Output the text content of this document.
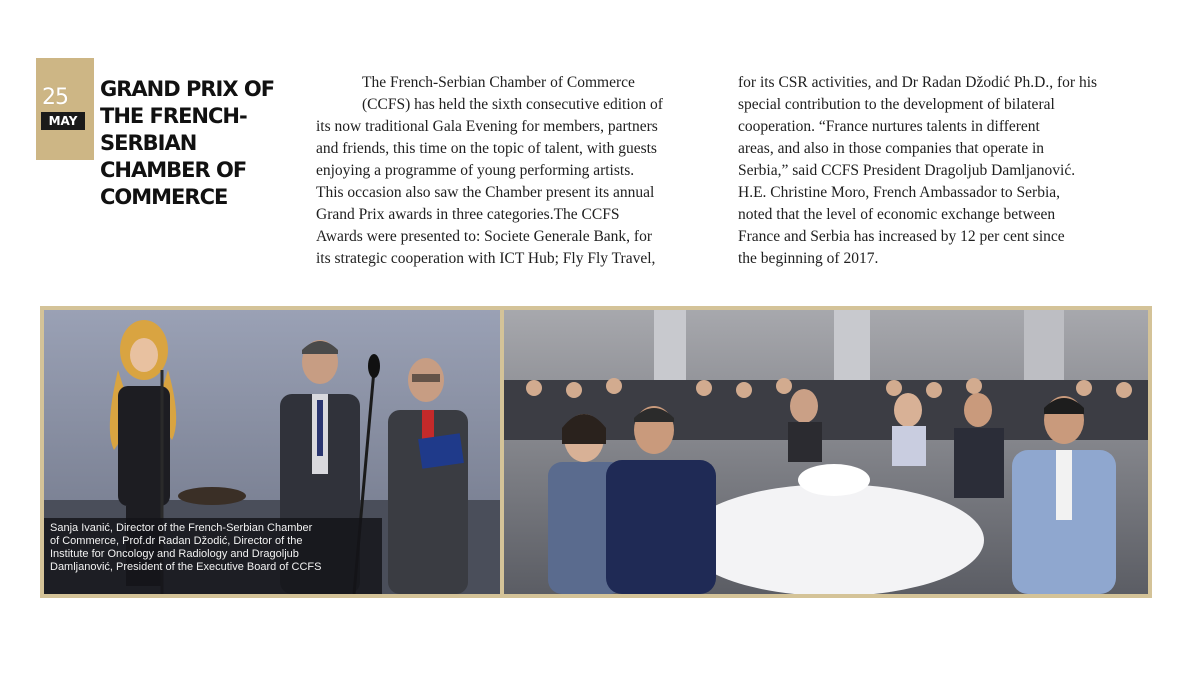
25
MAY
GRAND PRIX OF
THE FRENCH-
SERBIAN
CHAMBER OF
COMMERCE
The French-Serbian Chamber of Commerce
(CCFS) has held the sixth consecutive edition of
its now traditional Gala Evening for members, partners
and friends, this time on the topic of talent, with guests
enjoying a programme of young performing artists.
This occasion also saw the Chamber present its annual
Grand Prix awards in three categories.The CCFS
Awards were presented to: Societe Generale Bank, for
its strategic cooperation with ICT Hub; Fly Fly Travel,
for its CSR activities, and Dr Radan Džodić Ph.D., for his
special contribution to the development of bilateral
cooperation. “France nurtures talents in different
areas, and also in those companies that operate in
Serbia,” said CCFS President Dragoljub Damljanović.
H.E. Christine Moro, French Ambassador to Serbia,
noted that the level of economic exchange between
France and Serbia has increased by 12 per cent since
the beginning of 2017.
Sanja Ivanić, Director of the French-Serbian Chamber
of Commerce, Prof.dr Radan Džodić, Director of the
Institute for Oncology and Radiology and Dragoljub
Damljanović, President of the Executive Board of CCFS
